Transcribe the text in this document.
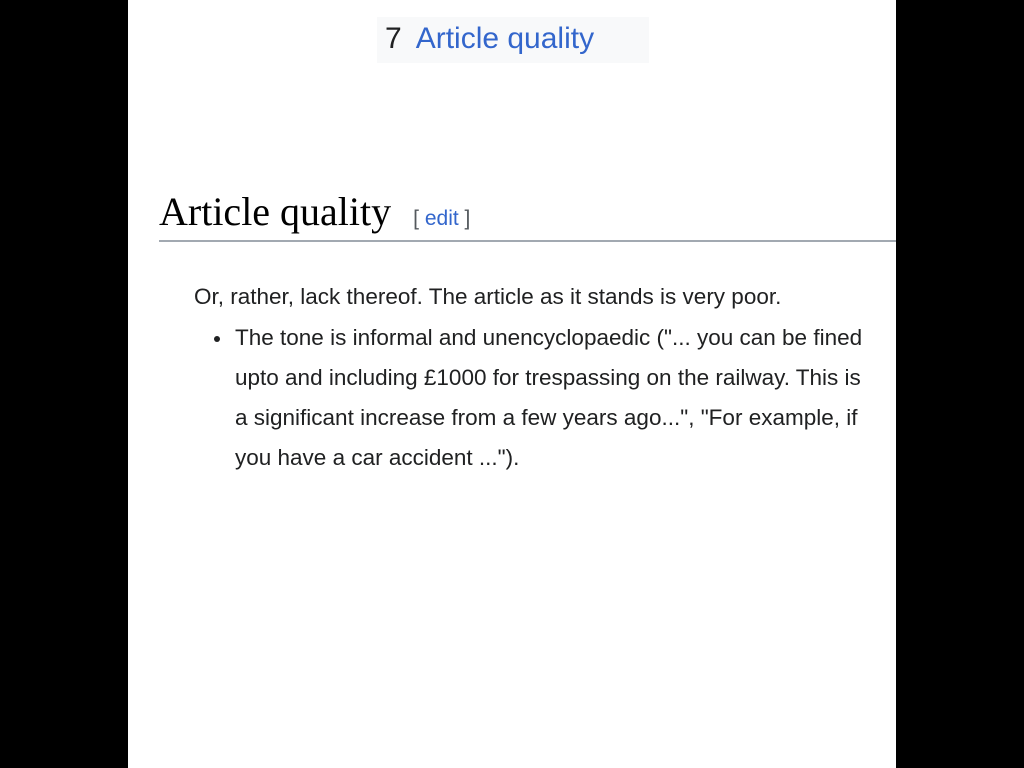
7 Article quality
Article quality [ edit ]

Or, rather, lack thereof. The article as it stands is very poor.

The tone is informal and unencyclopaedic ("... you can be fined upto and including £1000 for trespassing on the railway. This is a significant increase from a few years ago...", "For example, if you have a car accident ...").
